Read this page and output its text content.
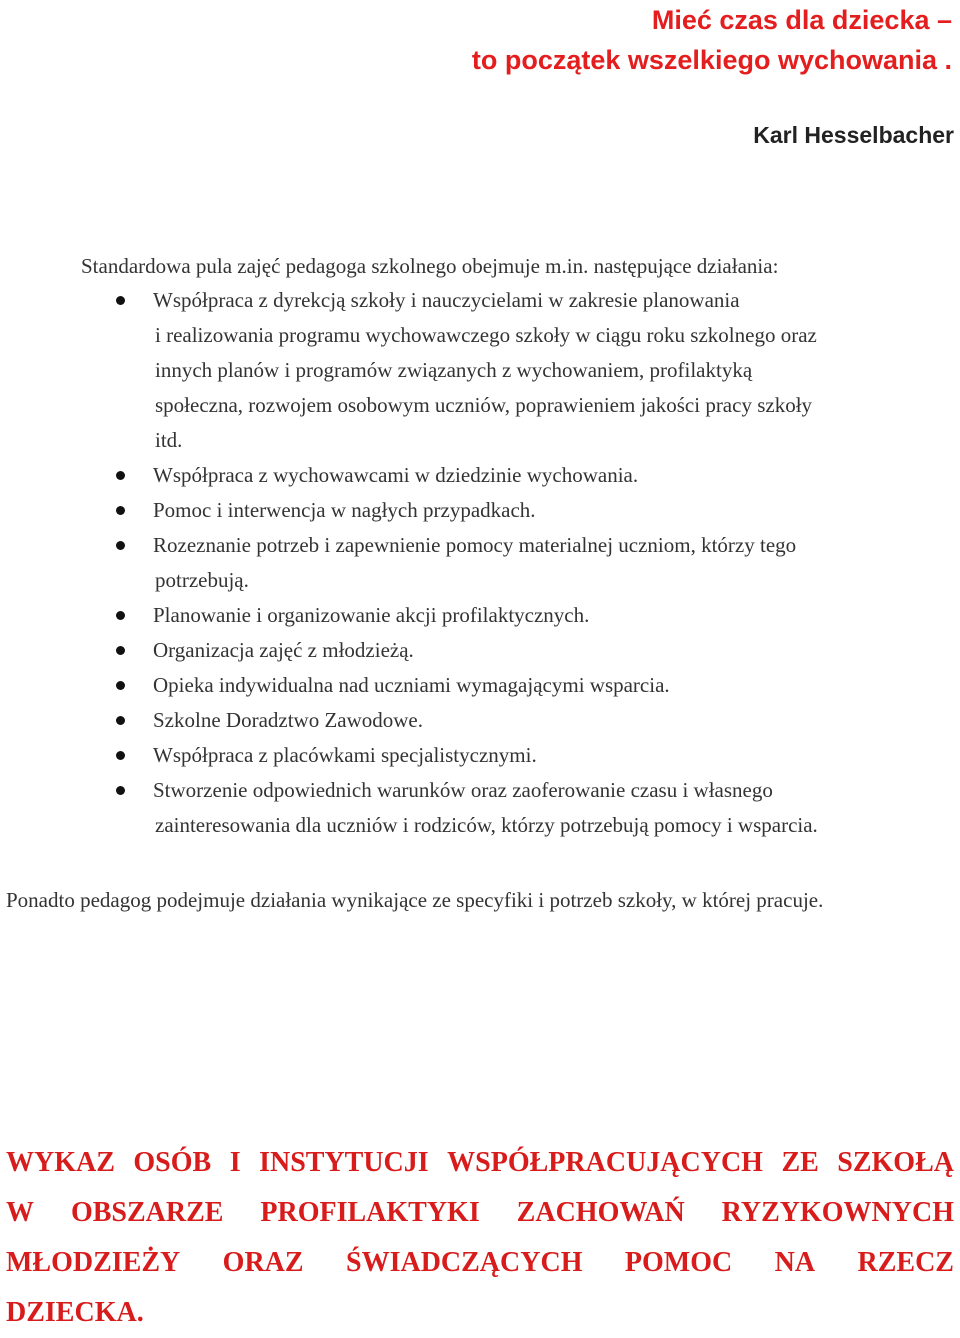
Mieć czas dla dziecka –
to początek wszelkiego wychowania .

Karl Hesselbacher

Standardowa pula zajęć pedagoga szkolnego obejmuje m.in. następujące działania:

Współpraca z dyrekcją szkoły i nauczycielami w zakresie planowania
i realizowania programu wychowawczego szkoły w ciągu roku szkolnego oraz
innych planów i programów związanych z wychowaniem, profilaktyką
społeczna, rozwojem osobowym uczniów, poprawieniem jakości pracy szkoły
itd.
Współpraca z wychowawcami w dziedzinie wychowania.
Pomoc i interwencja w nagłych przypadkach.
Rozeznanie potrzeb i zapewnienie pomocy materialnej uczniom, którzy tego
potrzebują.
Planowanie i organizowanie akcji profilaktycznych.
Organizacja zajęć z młodzieżą.
Opieka indywidualna nad uczniami wymagającymi wsparcia.
Szkolne Doradztwo Zawodowe.
Współpraca z placówkami specjalistycznymi.
Stworzenie odpowiednich warunków oraz zaoferowanie czasu i własnego
zainteresowania dla uczniów i rodziców, którzy potrzebują pomocy i wsparcia.

Ponadto pedagog podejmuje działania wynikające ze specyfiki i potrzeb szkoły, w której pracuje.

WYKAZ OSÓB I INSTYTUCJI WSPÓŁPRACUJĄCYCH ZE SZKOŁĄ
W OBSZARZE PROFILAKTYKI ZACHOWAŃ RYZYKOWNYCH
MŁODZIEŻY ORAZ ŚWIADCZĄCYCH POMOC NA RZECZ
DZIECKA.
